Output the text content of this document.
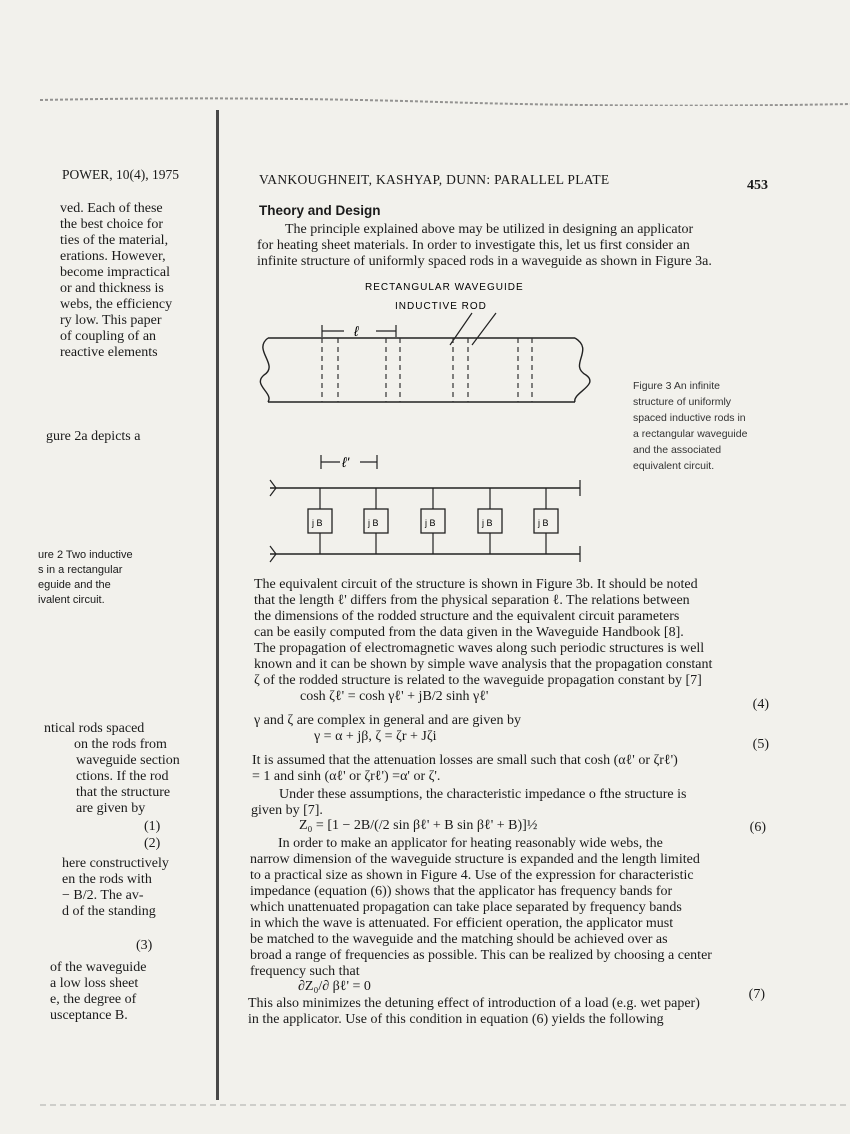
POWER, 10(4), 1975
ved. Each of these
the best choice for
ties of the material,
erations. However,
become impractical
or and thickness is
webs, the efficiency
ry low. This paper
of coupling of an
reactive elements
gure 2a depicts a
ure 2 Two inductive
s in a rectangular
eguide and the
ivalent circuit.
ntical rods spaced
on the rods from
waveguide section
ctions. If the rod
that the structure
are given by
(1)
(2)
here constructively
en the rods with
− B/2. The av-
d of the standing
(3)
of the waveguide
a low loss sheet
e, the degree of
usceptance B.
VANKOUGHNEIT, KASHYAP, DUNN: PARALLEL PLATE	453
Theory and Design
The principle explained above may be utilized in designing an applicator
for heating sheet materials. In order to investigate this, let us first consider an
infinite structure of uniformly spaced rods in a waveguide as shown in Figure 3a.
RECTANGULAR WAVEGUIDE
INDUCTIVE ROD
ℓ
ℓ'
j B	j B	j B	j B	j B
Figure 3 An infinite
structure of uniformly
spaced inductive rods in
a rectangular waveguide
and the associated
equivalent circuit.
The equivalent circuit of the structure is shown in Figure 3b. It should be noted
that the length ℓ' differs from the physical separation ℓ. The relations between
the dimensions of the rodded structure and the equivalent circuit parameters
can be easily computed from the data given in the Waveguide Handbook [8].
The propagation of electromagnetic waves along such periodic structures is well
known and it can be shown by simple wave analysis that the propagation constant
ζ of the rodded structure is related to the waveguide propagation constant by [7]
cosh ζℓ' = cosh γℓ' + jB/2 sinh γℓ'
(4)
γ and ζ are complex in general and are given by
γ = α + jβ, ζ = ζr + Jζi
(5)
It is assumed that the attenuation losses are small such that cosh (αℓ' or ζrℓ')
= 1 and sinh (αℓ' or ζrℓ') =α' or ζ'.
Under these assumptions, the characteristic impedance o fthe structure is
given by [7].
Z₀ = [1 − 2B/(/2 sin βℓ' + B sin βℓ' + B)]½	(6)
In order to make an applicator for heating reasonably wide webs, the
narrow dimension of the waveguide structure is expanded and the length limited
to a practical size as shown in Figure 4. Use of the expression for characteristic
impedance (equation (6)) shows that the applicator has frequency bands for
which unattenuated propagation can take place separated by frequency bands
in which the wave is attenuated. For efficient operation, the applicator must
be matched to the waveguide and the matching should be achieved over as
broad a range of frequencies as possible. This can be realized by choosing a center
frequency such that
∂Z₀/∂ βℓ' = 0
(7)
This also minimizes the detuning effect of introduction of a load (e.g. wet paper)
in the applicator. Use of this condition in equation (6) yields the following
